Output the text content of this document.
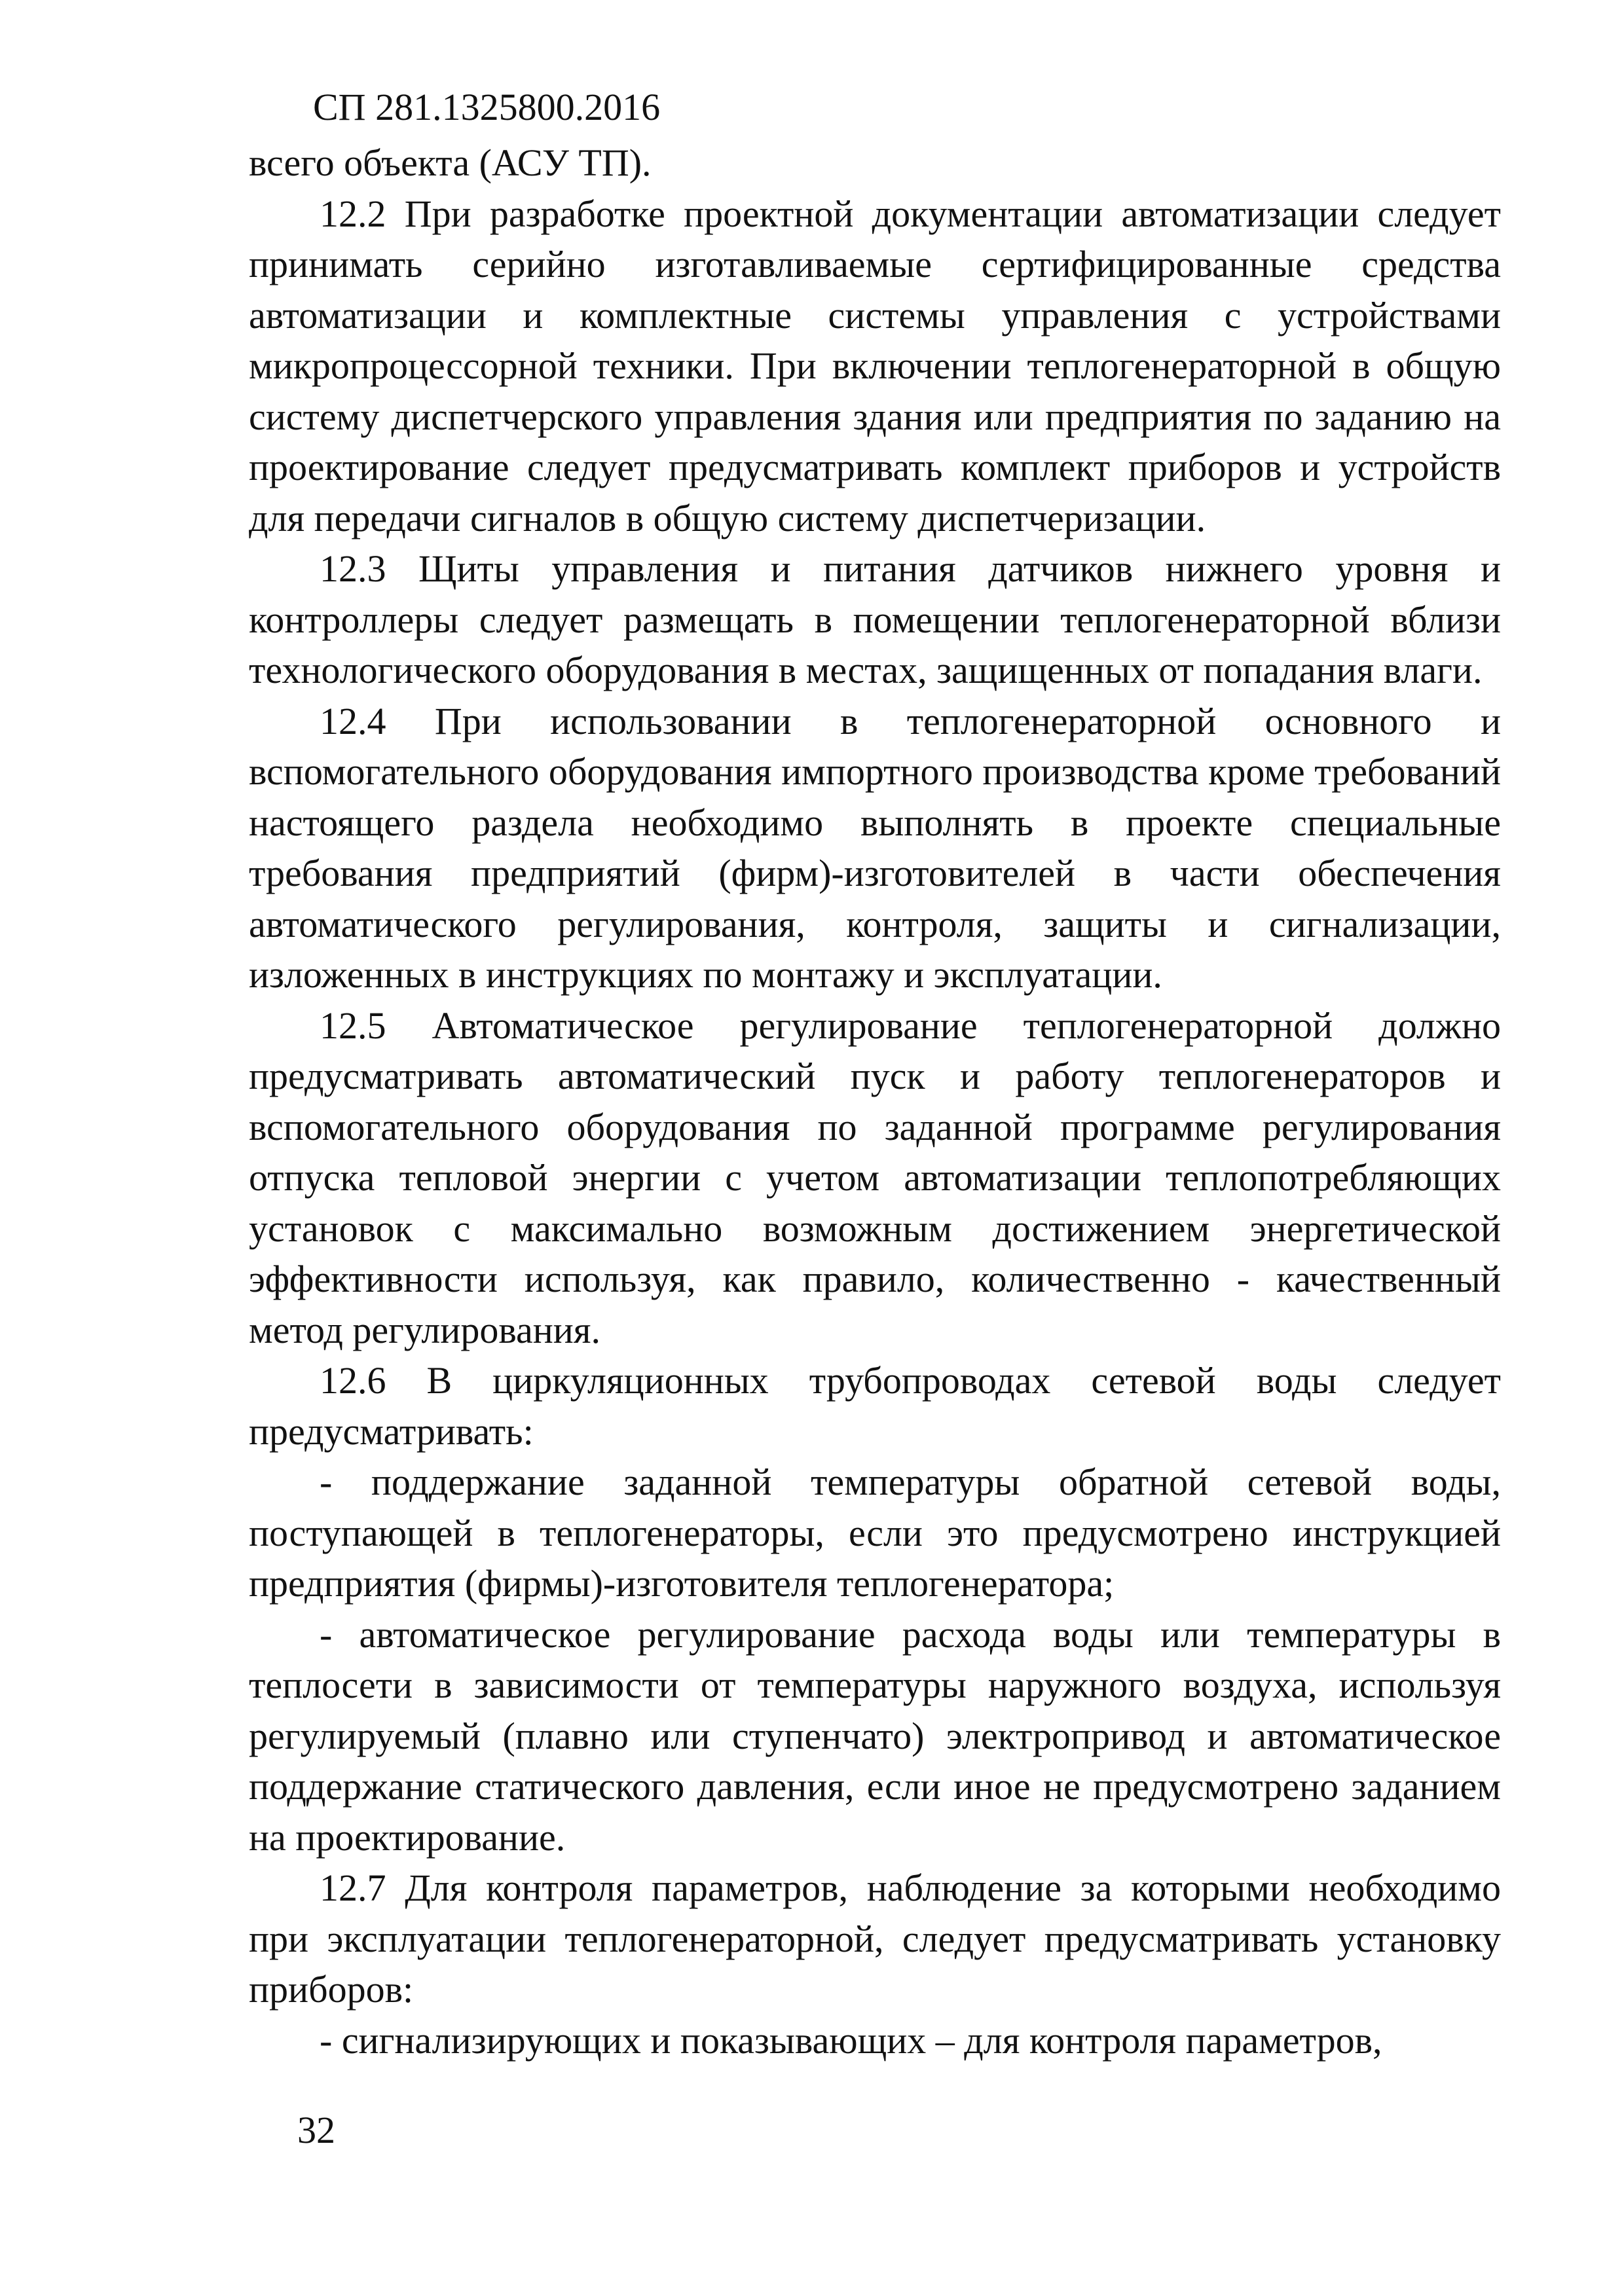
СП 281.1325800.2016

всего объекта (АСУ ТП).

12.2 При разработке проектной документации автоматизации следует принимать серийно изготавливаемые сертифицированные средства автоматизации и комплектные системы управления с устройствами микропроцессорной техники. При включении теплогенераторной в общую систему диспетчерского управления здания или предприятия по заданию на проектирование следует предусматривать комплект приборов и устройств для передачи сигналов в общую систему диспетчеризации.

12.3 Щиты управления и питания датчиков нижнего уровня и контроллеры следует размещать в помещении теплогенераторной вблизи технологического оборудования в местах, защищенных от попадания влаги.

12.4 При использовании в теплогенераторной основного и вспомогательного оборудования импортного производства кроме требований настоящего раздела необходимо выполнять в проекте специальные требования предприятий (фирм)-изготовителей в части обеспечения автоматического регулирования, контроля, защиты и сигнализации, изложенных в инструкциях по монтажу и эксплуатации.

12.5 Автоматическое регулирование теплогенераторной должно предусматривать автоматический пуск и работу теплогенераторов и вспомогательного оборудования по заданной программе регулирования отпуска тепловой энергии с учетом автоматизации теплопотребляющих установок с максимально возможным достижением энергетической эффективности используя, как правило, количественно - качественный метод регулирования.

12.6 В циркуляционных трубопроводах сетевой воды следует предусматривать:

- поддержание заданной температуры обратной сетевой воды, поступающей в теплогенераторы, если это предусмотрено инструкцией предприятия (фирмы)-изготовителя теплогенератора;

- автоматическое регулирование расхода воды или температуры в теплосети в зависимости от температуры наружного воздуха, используя регулируемый (плавно или ступенчато) электропривод и автоматическое поддержание статического давления, если иное не предусмотрено заданием на проектирование.

12.7 Для контроля параметров, наблюдение за которыми необходимо при эксплуатации теплогенераторной, следует предусматривать установку приборов:

- сигнализирующих и показывающих – для контроля параметров,

32
